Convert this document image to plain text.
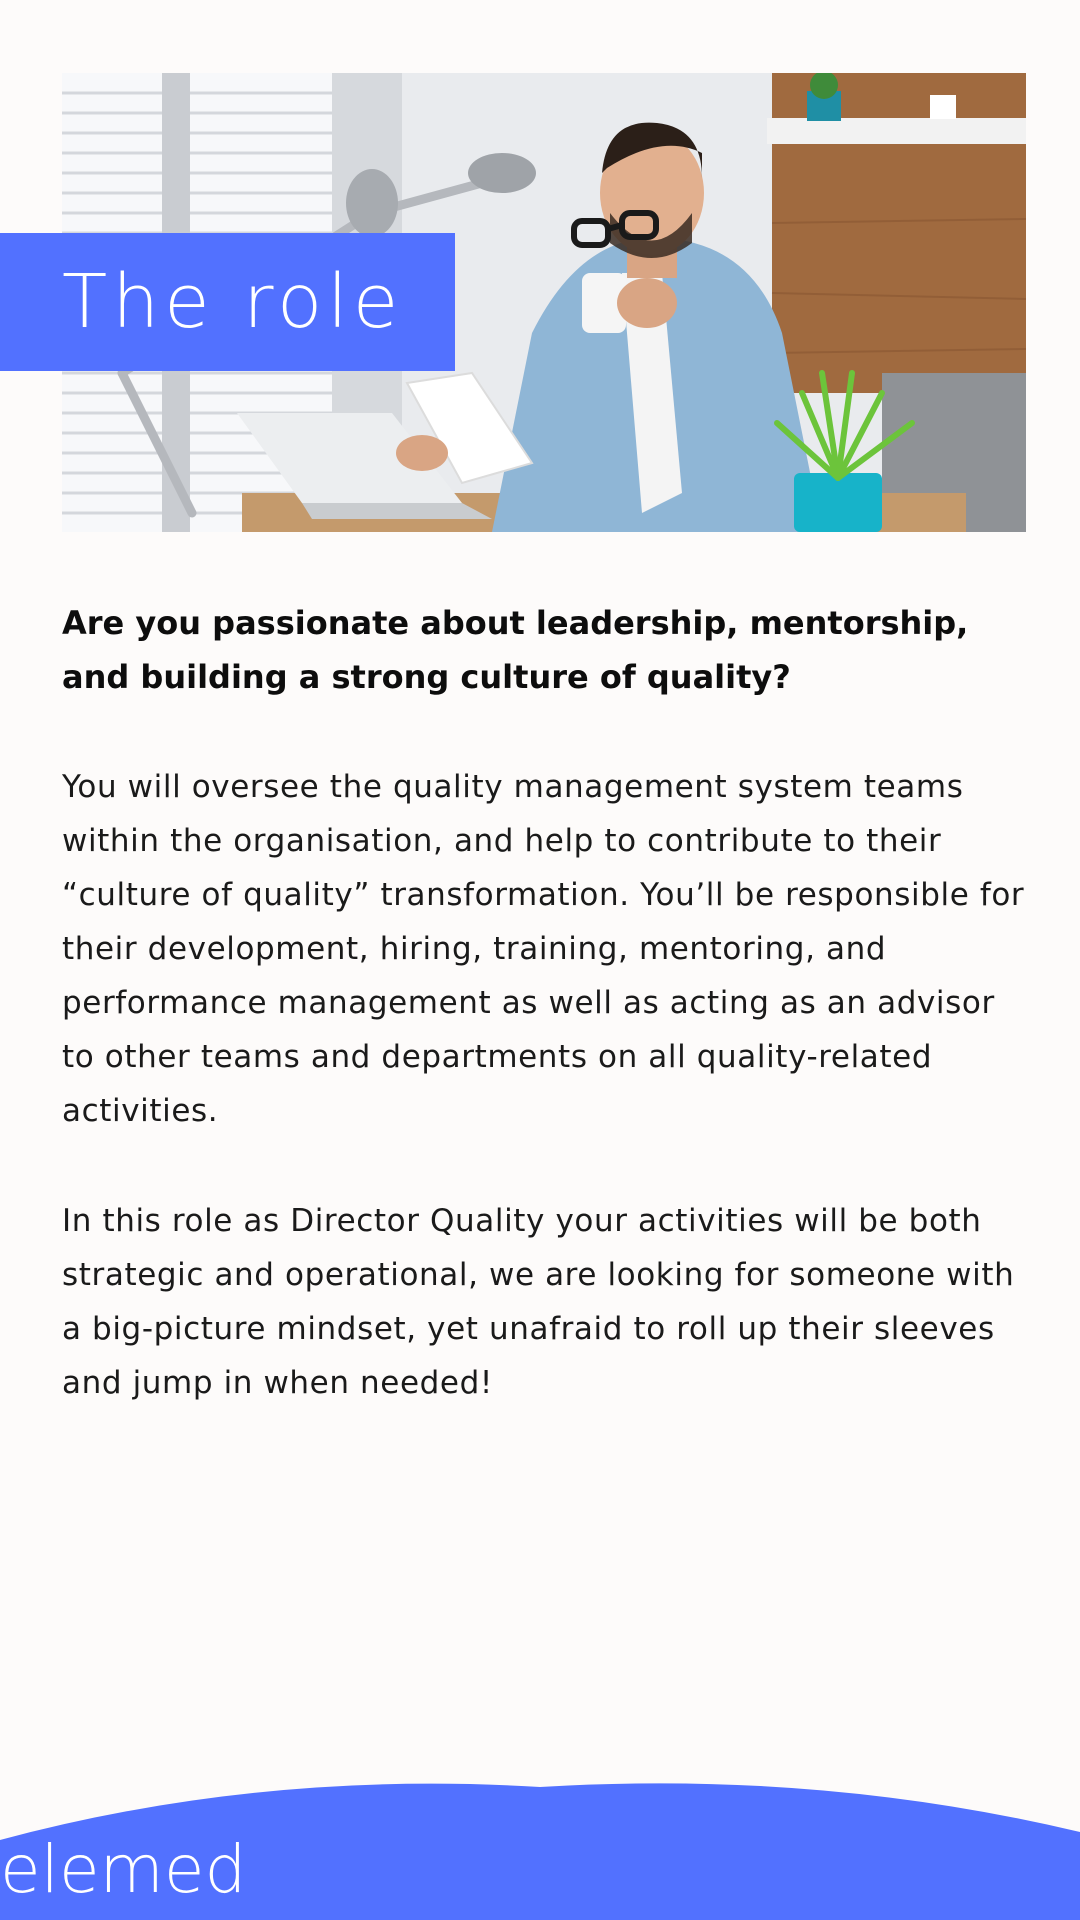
The role

Are you passionate about leadership, mentorship, and building a strong culture of quality?

You will oversee the quality management system teams within the organisation, and help to contribute to their “culture of quality” transformation. You’ll be responsible for their development, hiring, training, mentoring, and performance management as well as acting as an advisor to other teams and departments on all quality-related activities.

In this role as Director Quality your activities will be both strategic and operational, we are looking for someone with a big-picture mindset, yet unafraid to roll up their sleeves and jump in when needed!

elemed
